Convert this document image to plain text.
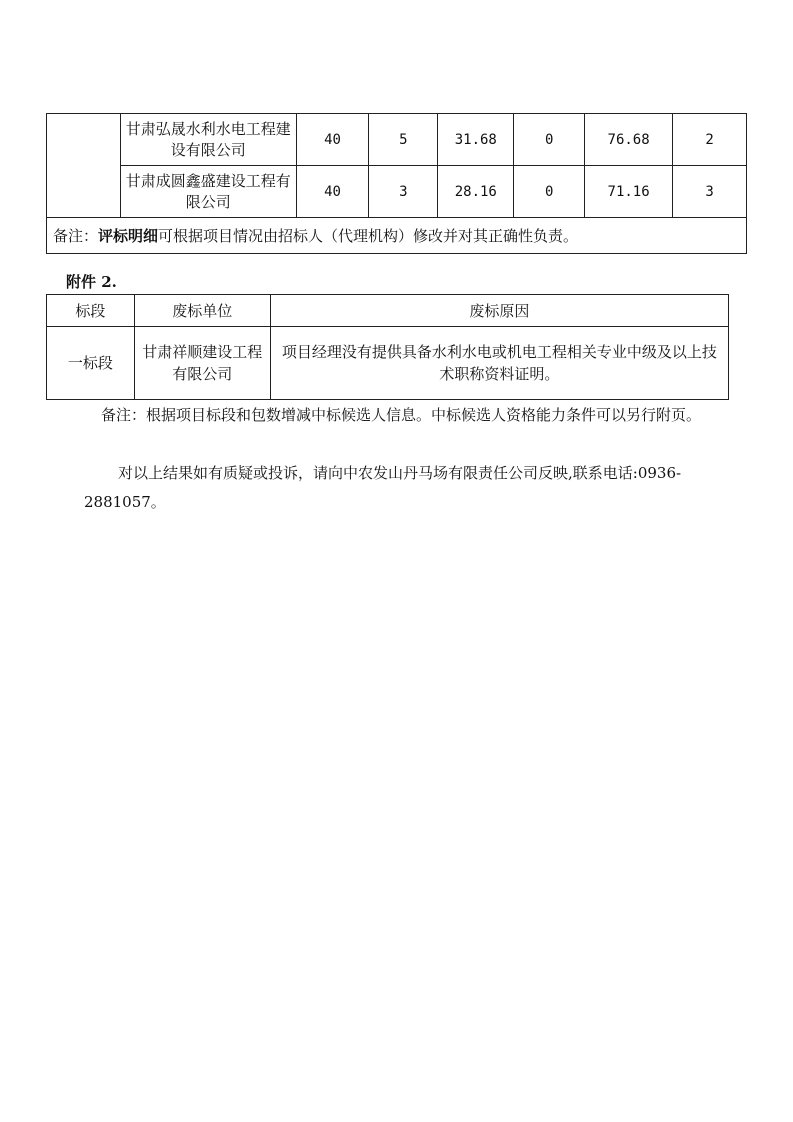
	甘肃弘晟水利水电工程建设有限公司	40	5	31.68	0	76.68	2
	甘肃成圆鑫盛建设工程有限公司	40	3	28.16	0	71.16	3
备注：评标明细可根据项目情况由招标人（代理机构）修改并对其正确性负责。							
附件 2.
标段	废标单位	废标原因
一标段	甘肃祥顺建设工程有限公司	项目经理没有提供具备水利水电或机电工程相关专业中级及以上技术职称资料证明。
备注：根据项目标段和包数增减中标候选人信息。中标候选人资格能力条件可以另行附页。
对以上结果如有质疑或投诉，请向中农发山丹马场有限责任公司反映,联系电话:0936-2881057。
